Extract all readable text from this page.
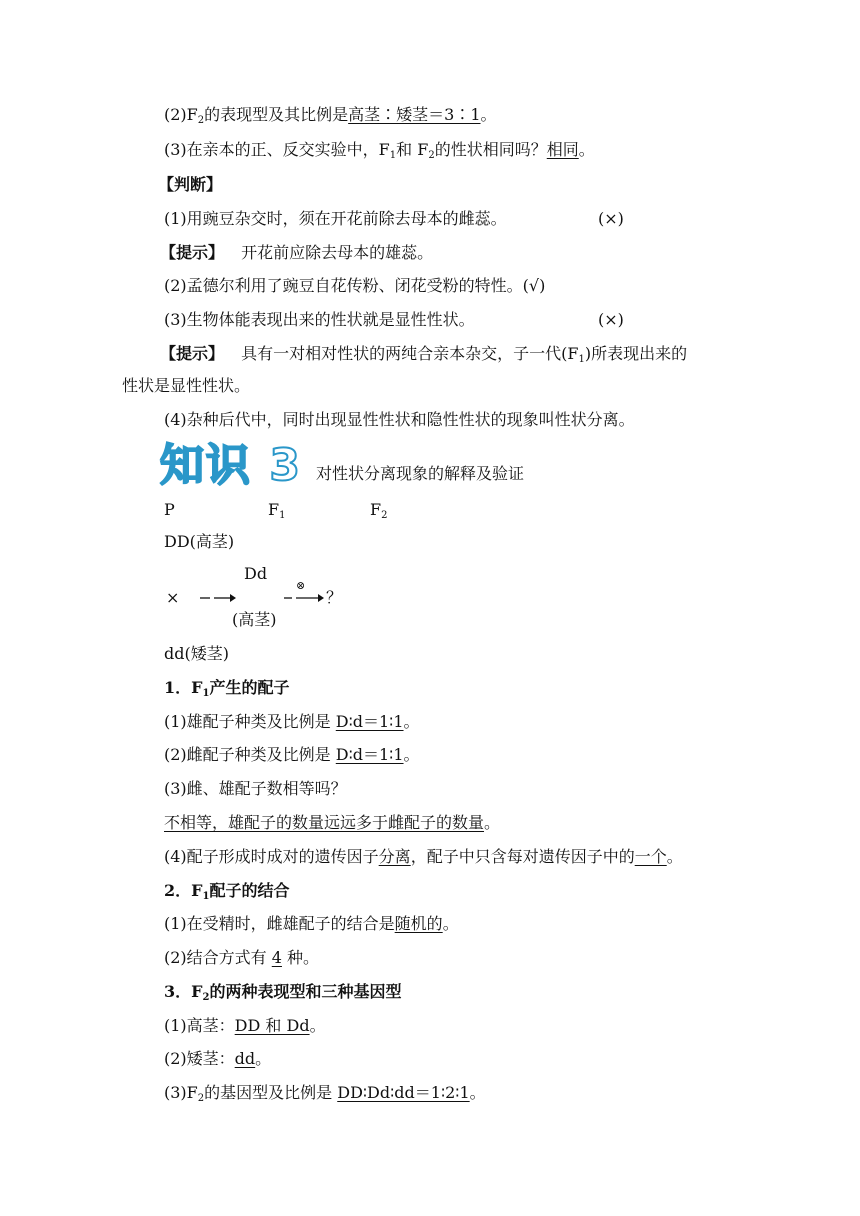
$(2)F_2$的表现型及其比例是高茎∶矮茎＝3∶1。
(3)在亲本的正、反交实验中，$F_1$和 $F_2$的性状相同吗？相同。
【判断】
(1)用豌豆杂交时，须在开花前除去母本的雌蕊。	(×)
【提示】 开花前应除去母本的雄蕊。
(2)孟德尔利用了豌豆自花传粉、闭花受粉的特性。(√)
(3)生物体能表现出来的性状就是显性性状。	(×)
【提示】 具有一对相对性状的两纯合亲本杂交，子一代$(F_1)$所表现出来的
性状是显性性状。
(4)杂种后代中，同时出现显性性状和隐性性状的现象叫性状分离。
知识 3 对性状分离现象的解释及验证
P	$F_1$	$F_2$
DD(高茎)
Dd
×
⊗
？
(高茎)
dd(矮茎)
1．$F_1$产生的配子
(1)雄配子种类及比例是 D∶d＝1∶1。
(2)雌配子种类及比例是 D∶d＝1∶1。
(3)雌、雄配子数相等吗？
不相等，雄配子的数量远远多于雌配子的数量。
(4)配子形成时成对的遗传因子分离，配子中只含每对遗传因子中的一个。
2．$F_1$配子的结合
(1)在受精时，雌雄配子的结合是随机的。
(2)结合方式有 4 种。
3．$F_2$的两种表现型和三种基因型
(1)高茎：DD 和 Dd。
(2)矮茎：dd。
$(3)F_2$的基因型及比例是 DD∶Dd∶dd＝1∶2∶1。
